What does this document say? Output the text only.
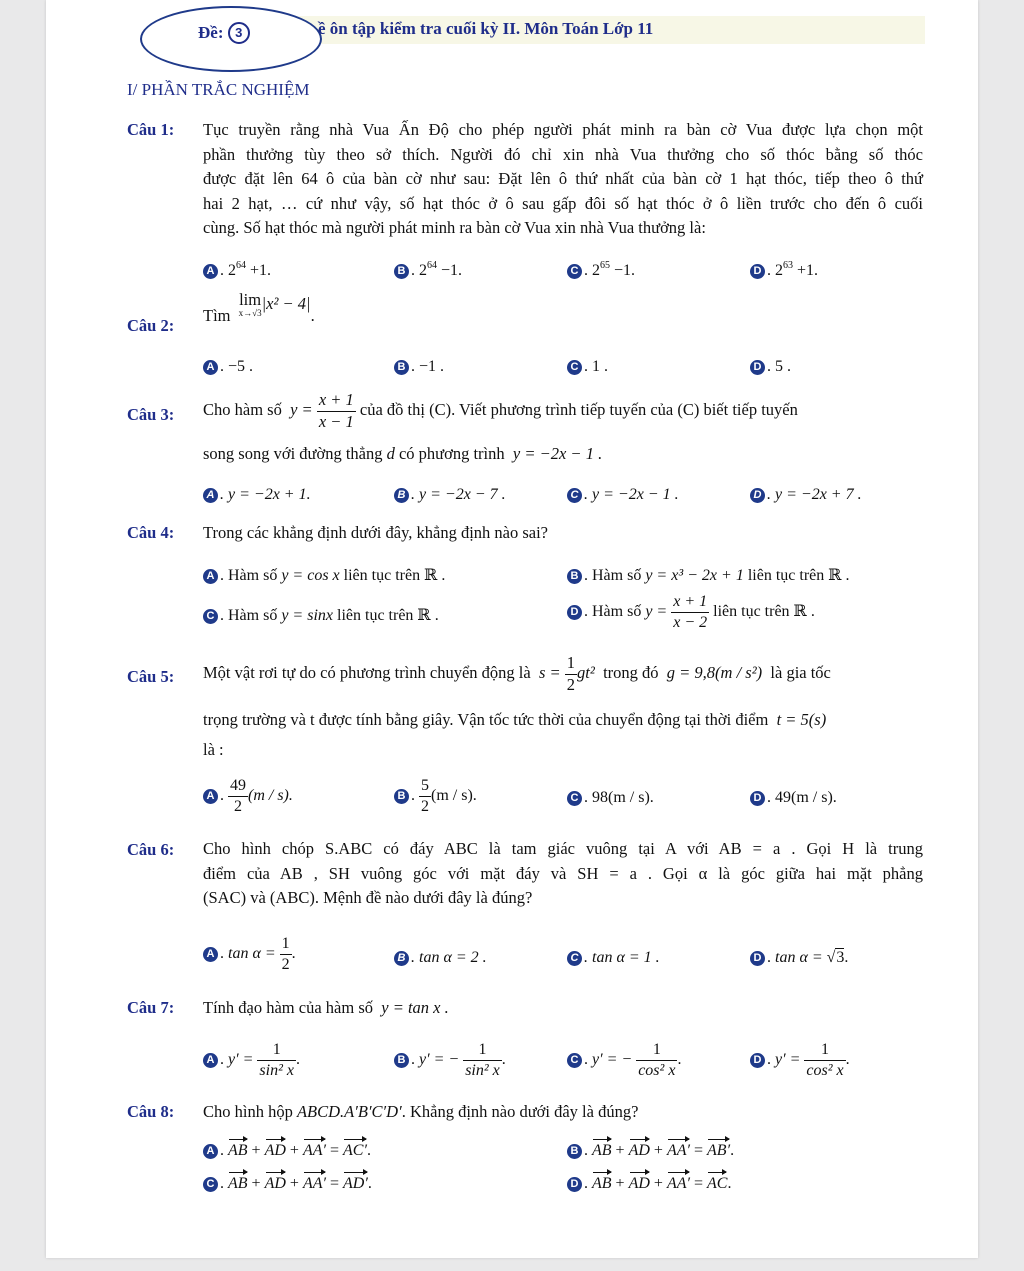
Đề: 3	ề ôn tập kiểm tra cuối kỳ II. Môn Toán Lớp 11
I/ PHẦN TRẮC NGHIỆM
Câu 1: Tục truyền rằng nhà Vua Ấn Độ cho phép người phát minh ra bàn cờ Vua được lựa chọn một
phần thưởng tùy theo sở thích. Người đó chỉ xin nhà Vua thưởng cho số thóc bằng số thóc
được đặt lên 64 ô của bàn cờ như sau: Đặt lên ô thứ nhất của bàn cờ 1 hạt thóc, tiếp theo ô thứ
hai 2 hạt, … cứ như vậy, số hạt thóc ở ô sau gấp đôi số hạt thóc ở ô liền trước cho đến ô cuối
cùng. Số hạt thóc mà người phát minh ra bàn cờ Vua xin nhà Vua thưởng là:
A . $2^{64} +1$.	B . $2^{64} -1$.	C . $2^{65} -1$.	D . $2^{63} +1$.
Câu 2:
Tìm lim
x→√3 |x² − 4|.
A . −5 .	B . −1 .	C . 1 .	D . 5 .
Câu 3: Cho hàm số $y = \frac{x + 1}{x - 1}$ của đồ thị (C). Viết phương trình tiếp tuyến của (C) biết tiếp tuyến
song song với đường thẳng d có phương trình y = −2x − 1 .
A . y = −2x + 1.	B . y = −2x − 7 .	C . y = −2x − 1 .	D . y = −2x + 7 .
Câu 4: Trong các khẳng định dưới đây, khẳng định nào sai?
A . Hàm số y = cos x liên tục trên ℝ .	B . Hàm số y = x³ − 2x + 1 liên tục trên ℝ .
C . Hàm số y = sinx liên tục trên ℝ .	D . Hàm số $y = \frac{x + 1}{x - 2}$ liên tục trên ℝ .
Câu 5: Một vật rơi tự do có phương trình chuyển động là $s = \frac{1}{2} gt^2$ trong đó g = 9,8(m / s²) là gia tốc
trọng trường và t được tính bằng giây. Vận tốc tức thời của chuyển động tại thời điểm t = 5(s)
là :
A . $\frac{49}{2} (m / s)$.	B . $\frac{5}{2} (m / s)$.	C . 98(m / s).	D . 49(m / s).
Câu 6: Cho hình chóp S.ABC có đáy ABC là tam giác vuông tại A với AB = a . Gọi H là trung
điểm của AB , SH vuông góc với mặt đáy và SH = a . Gọi α là góc giữa hai mặt phẳng
(SAC) và (ABC). Mệnh đề nào dưới đây là đúng?
A . $\tan \alpha = \frac{1}{2}$ .	B . tan α = 2 .	C . tan α = 1 .	D . tan α = √3.
Câu 7: Tính đạo hàm của hàm số y = tan x .
A . $y' = \frac{1}{\text{sin² x}}$ .	B . y′ = − $\frac{1}{\text{sin² x}}$ .	C . y′ = − $\frac{1}{\text{cos² x}}$ .	D . $y' = \frac{1}{\text{cos² x}}$ .
Câu 8: Cho hình hộp ABCD.A′B′C′D′. Khẳng định nào dưới đây là đúng?
A . AB + AD + AA′ = AC′.	B . AB + AD + AA′ = AB′.
C . AB + AD + AA′ = AD′.	D . AB + AD + AA′ = AC.
